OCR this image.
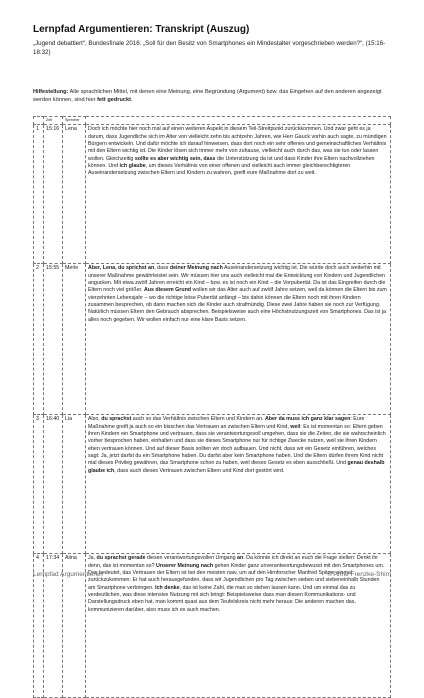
Lernpfad Argumentieren: Transkript (Auszug)
„Jugend debattiert“, Bundesfinale 2016: „Soll für den Besitz von Smartphones ein Mindestalter vorgeschrieben werden?“, (15:16-18:32)
Hilfestellung: Alle sprachlichen Mittel, mit denen eine Meinung, eine Begründung (Argument) bzw. das Eingehen auf den anderen angezeigt werden können, sind hier fett gedruckt.
	Zeit	Sprecher	
1	15:16	Lena	Doch ich möchte hier noch mal auf einen weiteren Aspekt in diesem Teil-Streitpunkt zurückkommen. Und zwar geht es ja darum, dass Jugendliche sich im Alter von vielleicht zehn bis achtzehn Jahren, wie Herr Gauck vorhin auch sagte, zu mündigen Bürgern entwickeln. Und dafür möchte ich darauf hinweisen, dass dort noch ein sehr offenes und gemeinschaftliches Verhältnis mit den Eltern wichtig ist. Die Kinder lösen sich immer mehr von zuhause, vielleicht auch durch das, was sie tun oder lassen wollen. Gleichzeitig sollte es aber wichtig sein, dass die Unterstützung da ist und dass Kinder ihre Eltern nachvollziehen können. Und ich glaube, um dieses Verhältnis von einer offenen und vielleicht auch immer gleichberechtigteren Auseinandersetzung zwischen Eltern und Kindern zu wahren, greift eure Maßnahme dort zu weit.
2	15:55	Merle	Aber, Lena, du sprichst an, dass deiner Meinung nach Auseinandersetzung wichtig ist. Die würde doch auch weiterhin mit unserer Maßnahme gewährleistet sein. Wir müssen hier uns auch vielleicht mal die Entwicklung von Kindern und Jugendlichen angucken. Mit etwa zwölf Jahren erreicht ein Kind – bzw. es ist noch ein Kind – die Vorpubertät. Da ist das Eingreifen durch die Eltern noch viel größer. Aus diesem Grund wollen wir das Alter auch auf zwölf Jahre setzen, weil da können die Eltern bis zum vierzehnten Lebensjahr – wo die richtige böse Pubertät anfängt – bis dahin können die Eltern noch mit ihren Kindern zusammen besprechen, ob dann machen sich die Kinder auch strafmündig. Diese zwei Jahre haben sie noch zur Verfügung. Natürlich müssen Eltern den Gebrauch absprechen. Beispielsweise auch eine Höchstnutzungszeit von Smartphones. Das ist ja alles noch gegeben. Wir wollen einfach nur eine klare Basis setzen.
3	16:40	Lia	Also, du sprachst auch so das Verhältnis zwischen Eltern und Kindern an. Aber da muss ich ganz klar sagen: Eure Maßnahme greift ja auch so ein bisschen das Vertrauen an zwischen Eltern und Kind, weil: Es ist momentan so: Eltern geben ihren Kindern ein Smartphone und vertrauen, dass sie verantwortungsvoll umgehen, dass sie die Zeiten, die sie wahrscheinlich vorher besprochen haben, einhalten und dass sie dieses Smartphone nur für richtige Zwecke nutzen, weil sie ihren Kindern eben vertrauen können. Und auf dieser Basis sollten wir doch aufbauen. Und nicht, dass wir ein Gesetz einführen, welches sagt: Ja, jetzt darfst du ein Smartphone haben. Du darfst aber kein Smartphone haben. Und die Eltern dürfen ihrem Kind nicht mal dieses Privileg gewähren, das Smartphone schon zu haben, weil dieses Gesetz es eben ausschließt. Und genau deshalb glaube ich, dass auch dieses Vertrauen zwischen Eltern und Kind dort gestört wird.
4	17:34	Alina	Ja, du sprachst gerade diesen verantwortungsvollen Umgang an. Da könnte ich direkt an euch die Frage stellen: Denkt ihr denn, das ist momentan so? Unserer Meinung nach gehen Kinder ganz unverantwortungsbewusst mit den Smartphones um. Das bedeutet, das Vertrauen der Eltern ist bei den meisten naiv, um auf den Hirnforscher Manfred Spitzer einmal zurückzukommen: Er hat auch herausgefunden, dass wir Jugendlichen pro Tag zwischen sieben und siebeneinhalb Stunden am Smartphone verbringen. Ich denke, das ist keine Zahl, die man so stehen lassen kann. Und um einmal das zu verdeutlichen, was diese intensive Nutzung mit sich bringt: Beispielsweise dass man diesen Kommunikations- und Darstellungsdruck eben hat, man kommt quasi aus dem Teufelskreis nicht mehr heraus: Die anderen machen das, kommunizieren darüber, also muss ich es auch machen.
Lernpfad Argumentieren	© Anne Frenzke-Shim
